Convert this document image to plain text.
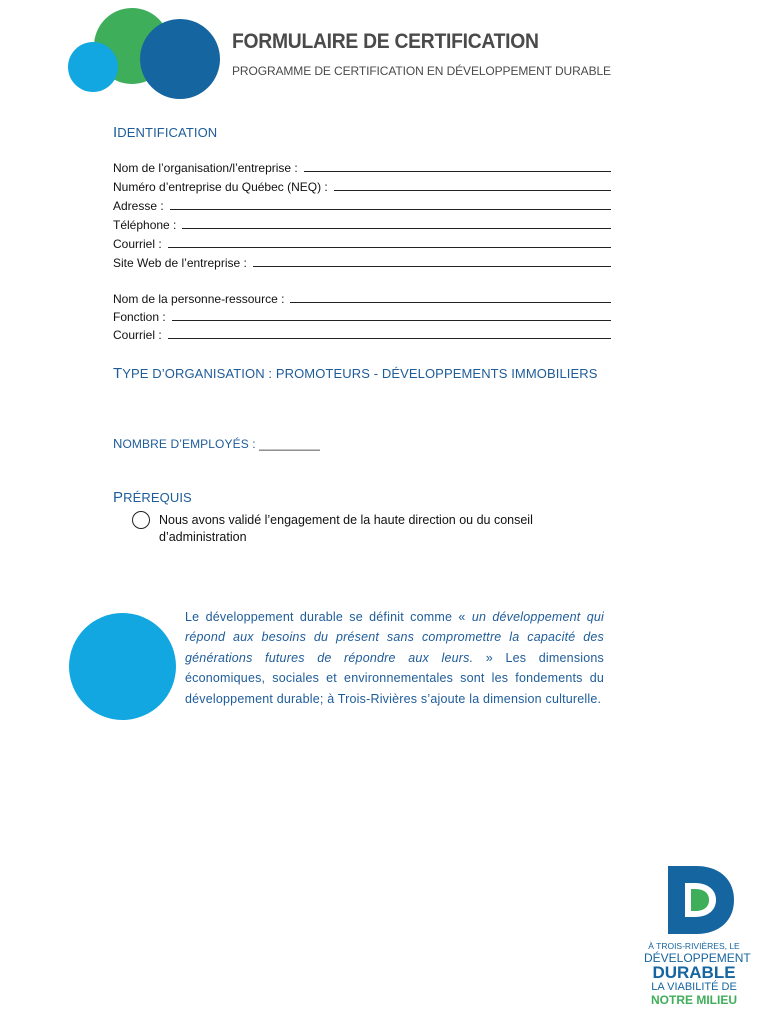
FORMULAIRE DE CERTIFICATION
PROGRAMME DE CERTIFICATION EN DÉVELOPPEMENT DURABLE
IDENTIFICATION
Nom de l’organisation/l’entreprise :
Numéro d’entreprise du Québec (NEQ) :
Adresse :
Téléphone :
Courriel :
Site Web de l’entreprise :
Nom de la personne-ressource :
Fonction :
Courriel :
TYPE D’ORGANISATION : PROMOTEURS - DÉVELOPPEMENTS IMMOBILIERS
NOMBRE D’EMPLOYÉS : _________
PRÉREQUIS
Nous avons validé l’engagement de la haute direction ou du conseil d’administration
Le développement durable se définit comme « un développement qui répond aux besoins du présent sans compromettre la capacité des générations futures de répondre aux leurs. » Les dimensions économiques, sociales et environnementales sont les fondements du développement durable; à Trois-Rivières s’ajoute la dimension culturelle.
À TROIS-RIVIÈRES, LE
DÉVELOPPEMENT
DURABLE
LA VIABILITÉ DE
NOTRE MILIEU
